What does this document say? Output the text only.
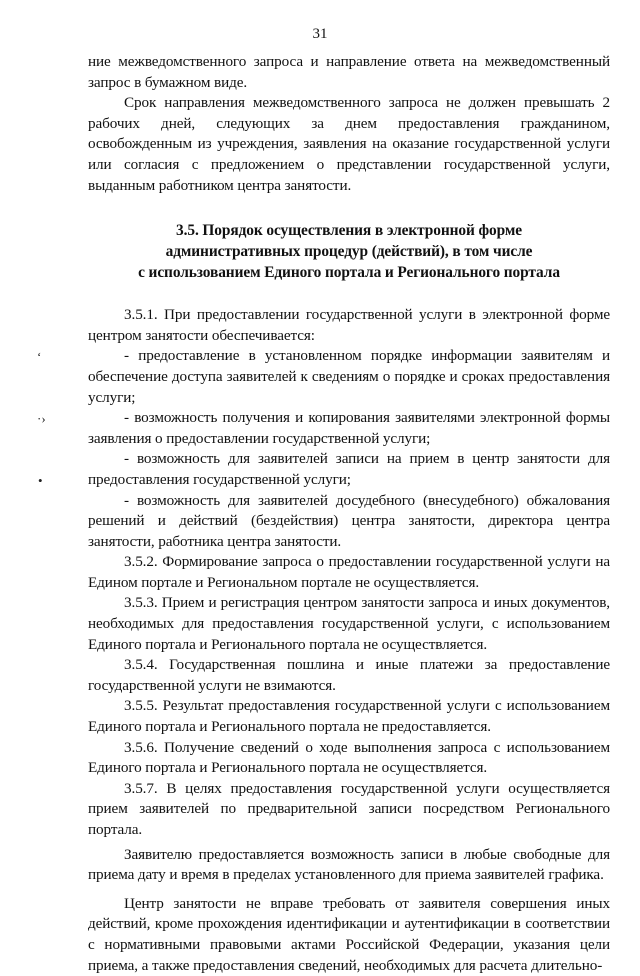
31
‘
·›
•

ние межведомственного запроса и направление ответа на межведомственный запрос в бумажном виде.

Срок направления межведомственного запроса не должен превышать 2 рабочих дней, следующих за днем предоставления гражданином, освобожденным из учреждения, заявления на оказание государственной услуги или согласия с предложением о представлении государственной услуги, выданным работником центра занятости.

3.5. Порядок осуществления в электронной форме
административных процедур (действий), в том числе
с использованием Единого портала и Регионального портала

3.5.1. При предоставлении государственной услуги в электронной форме центром занятости обеспечивается:

- предоставление в установленном порядке информации заявителям и обеспечение доступа заявителей к сведениям о порядке и сроках предоставления услуги;

- возможность получения и копирования заявителями электронной формы заявления о предоставлении государственной услуги;

- возможность для заявителей записи на прием в центр занятости для предоставления государственной услуги;

- возможность для заявителей досудебного (внесудебного) обжалования решений и действий (бездействия) центра занятости, директора центра занятости, работника центра занятости.

3.5.2. Формирование запроса о предоставлении государственной услуги на Едином портале и Региональном портале не осуществляется.

3.5.3. Прием и регистрация центром занятости запроса и иных документов, необходимых для предоставления государственной услуги, с использованием Единого портала и Регионального портала не осуществляется.

3.5.4. Государственная пошлина и иные платежи за предоставление государственной услуги не взимаются.

3.5.5. Результат предоставления государственной услуги с использованием Единого портала и Регионального портала не предоставляется.

3.5.6. Получение сведений о ходе выполнения запроса с использованием Единого портала и Регионального портала не осуществляется.

3.5.7. В целях предоставления государственной услуги осуществляется прием заявителей по предварительной записи посредством Регионального портала.

Заявителю предоставляется возможность записи в любые свободные для приема дату и время в пределах установленного для приема заявителей графика.

Центр занятости не вправе требовать от заявителя совершения иных действий, кроме прохождения идентификации и аутентификации в соответствии с нормативными правовыми актами Российской Федерации, указания цели приема, а также предоставления сведений, необходимых для расчета длительно-
